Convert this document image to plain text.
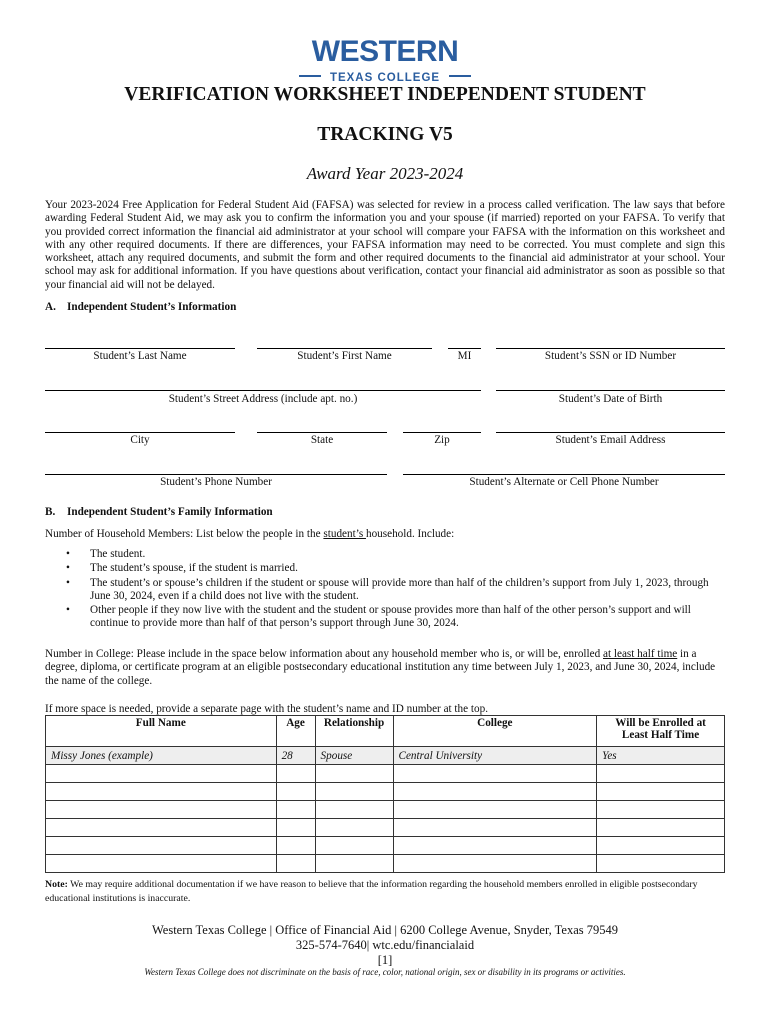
WESTERN
TEXAS COLLEGE
VERIFICATION WORKSHEET INDEPENDENT STUDENT
TRACKING V5
Award Year 2023-2024
Your 2023-2024 Free Application for Federal Student Aid (FAFSA) was selected for review in a process called verification. The law says that before awarding Federal Student Aid, we may ask you to confirm the information you and your spouse (if married) reported on your FAFSA. To verify that you provided correct information the financial aid administrator at your school will compare your FAFSA with the information on this worksheet and with any other required documents. If there are differences, your FAFSA information may need to be corrected. You must complete and sign this worksheet, attach any required documents, and submit the form and other required documents to the financial aid administrator at your school. Your school may ask for additional information. If you have questions about verification, contact your financial aid administrator as soon as possible so that your financial aid will not be delayed.
A. Independent Student’s Information
Student’s Last Name	Student’s First Name	MI	Student’s SSN or ID Number
Student’s Street Address (include apt. no.)	Student’s Date of Birth
City	State	Zip	Student’s Email Address
Student’s Phone Number	Student’s Alternate or Cell Phone Number
B. Independent Student’s Family Information
Number of Household Members: List below the people in the student’s household. Include:
• The student.
• The student’s spouse, if the student is married.
• The student’s or spouse’s children if the student or spouse will provide more than half of the children’s support from July 1, 2023, through June 30, 2024, even if a child does not live with the student.
• Other people if they now live with the student and the student or spouse provides more than half of the other person’s support and will continue to provide more than half of that person’s support through June 30, 2024.
Number in College: Please include in the space below information about any household member who is, or will be, enrolled at least half time in a degree, diploma, or certificate program at an eligible postsecondary educational institution any time between July 1, 2023, and June 30, 2024, include the name of the college.
If more space is needed, provide a separate page with the student’s name and ID number at the top.
Full Name	Age	Relationship	College	Will be Enrolled at Least Half Time
Missy Jones (example)	28	Spouse	Central University	Yes

Note: We may require additional documentation if we have reason to believe that the information regarding the household members enrolled in eligible postsecondary educational institutions is inaccurate.
Western Texas College | Office of Financial Aid | 6200 College Avenue, Snyder, Texas 79549
325-574-7640| wtc.edu/financialaid
[1]
Western Texas College does not discriminate on the basis of race, color, national origin, sex or disability in its programs or activities.
